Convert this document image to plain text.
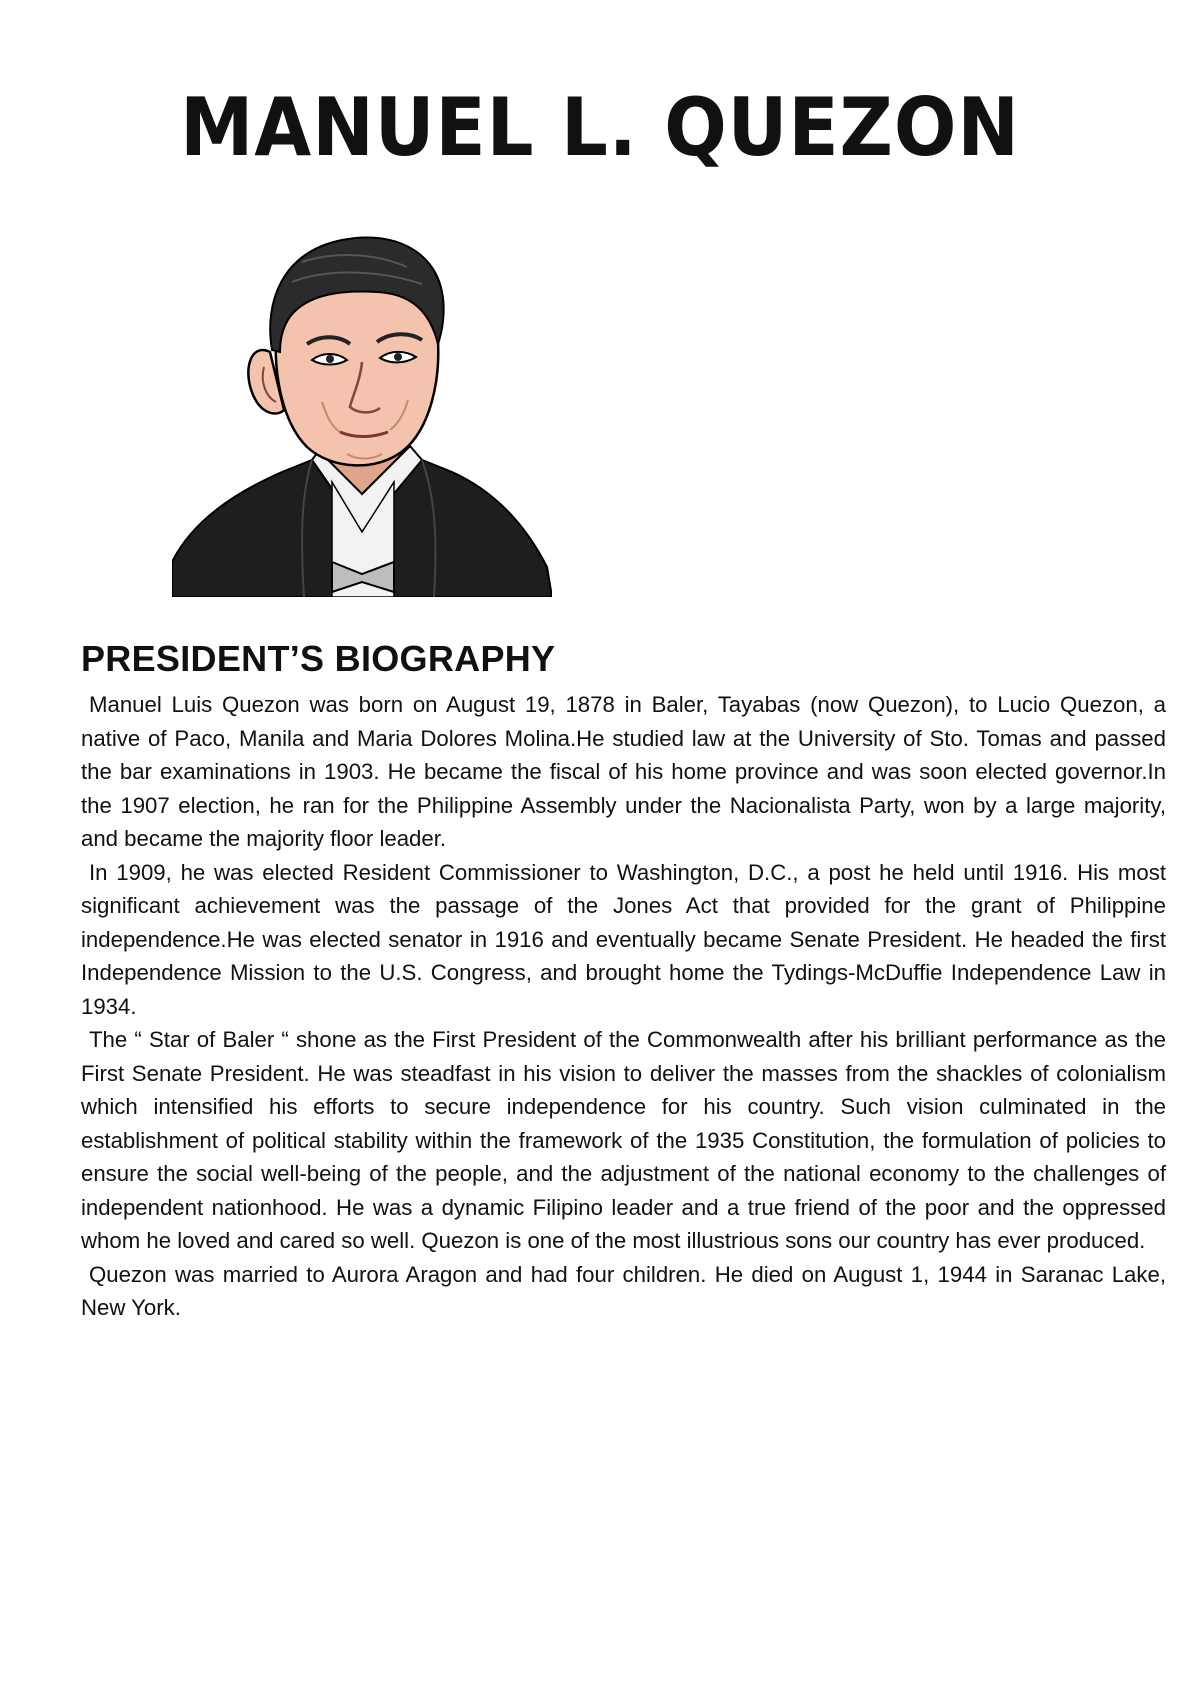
MANUEL L. QUEZON
PRESIDENT’S BIOGRAPHY

Manuel Luis Quezon was born on August 19, 1878 in Baler, Tayabas (now Quezon), to Lucio Quezon, a native of Paco, Manila and Maria Dolores Molina.He studied law at the University of Sto. Tomas and passed the bar examinations in 1903. He became the fiscal of his home province and was soon elected governor.In the 1907 election, he ran for the Philippine Assembly under the Nacionalista Party, won by a large majority, and became the majority floor leader.

In 1909, he was elected Resident Commissioner to Washington, D.C., a post he held until 1916. His most significant achievement was the passage of the Jones Act that provided for the grant of Philippine independence.He was elected senator in 1916 and eventually became Senate President. He headed the first Independence Mission to the U.S. Congress, and brought home the Tydings-McDuffie Independence Law in 1934.

The “ Star of Baler “ shone as the First President of the Commonwealth after his brilliant performance as the First Senate President. He was steadfast in his vision to deliver the masses from the shackles of colonialism which intensified his efforts to secure independence for his country. Such vision culminated in the establishment of political stability within the framework of the 1935 Constitution, the formulation of policies to ensure the social well-being of the people, and the adjustment of the national economy to the challenges of independent nationhood. He was a dynamic Filipino leader and a true friend of the poor and the oppressed whom he loved and cared so well. Quezon is one of the most illustrious sons our country has ever produced.

Quezon was married to Aurora Aragon and had four children. He died on August 1, 1944 in Saranac Lake, New York.
